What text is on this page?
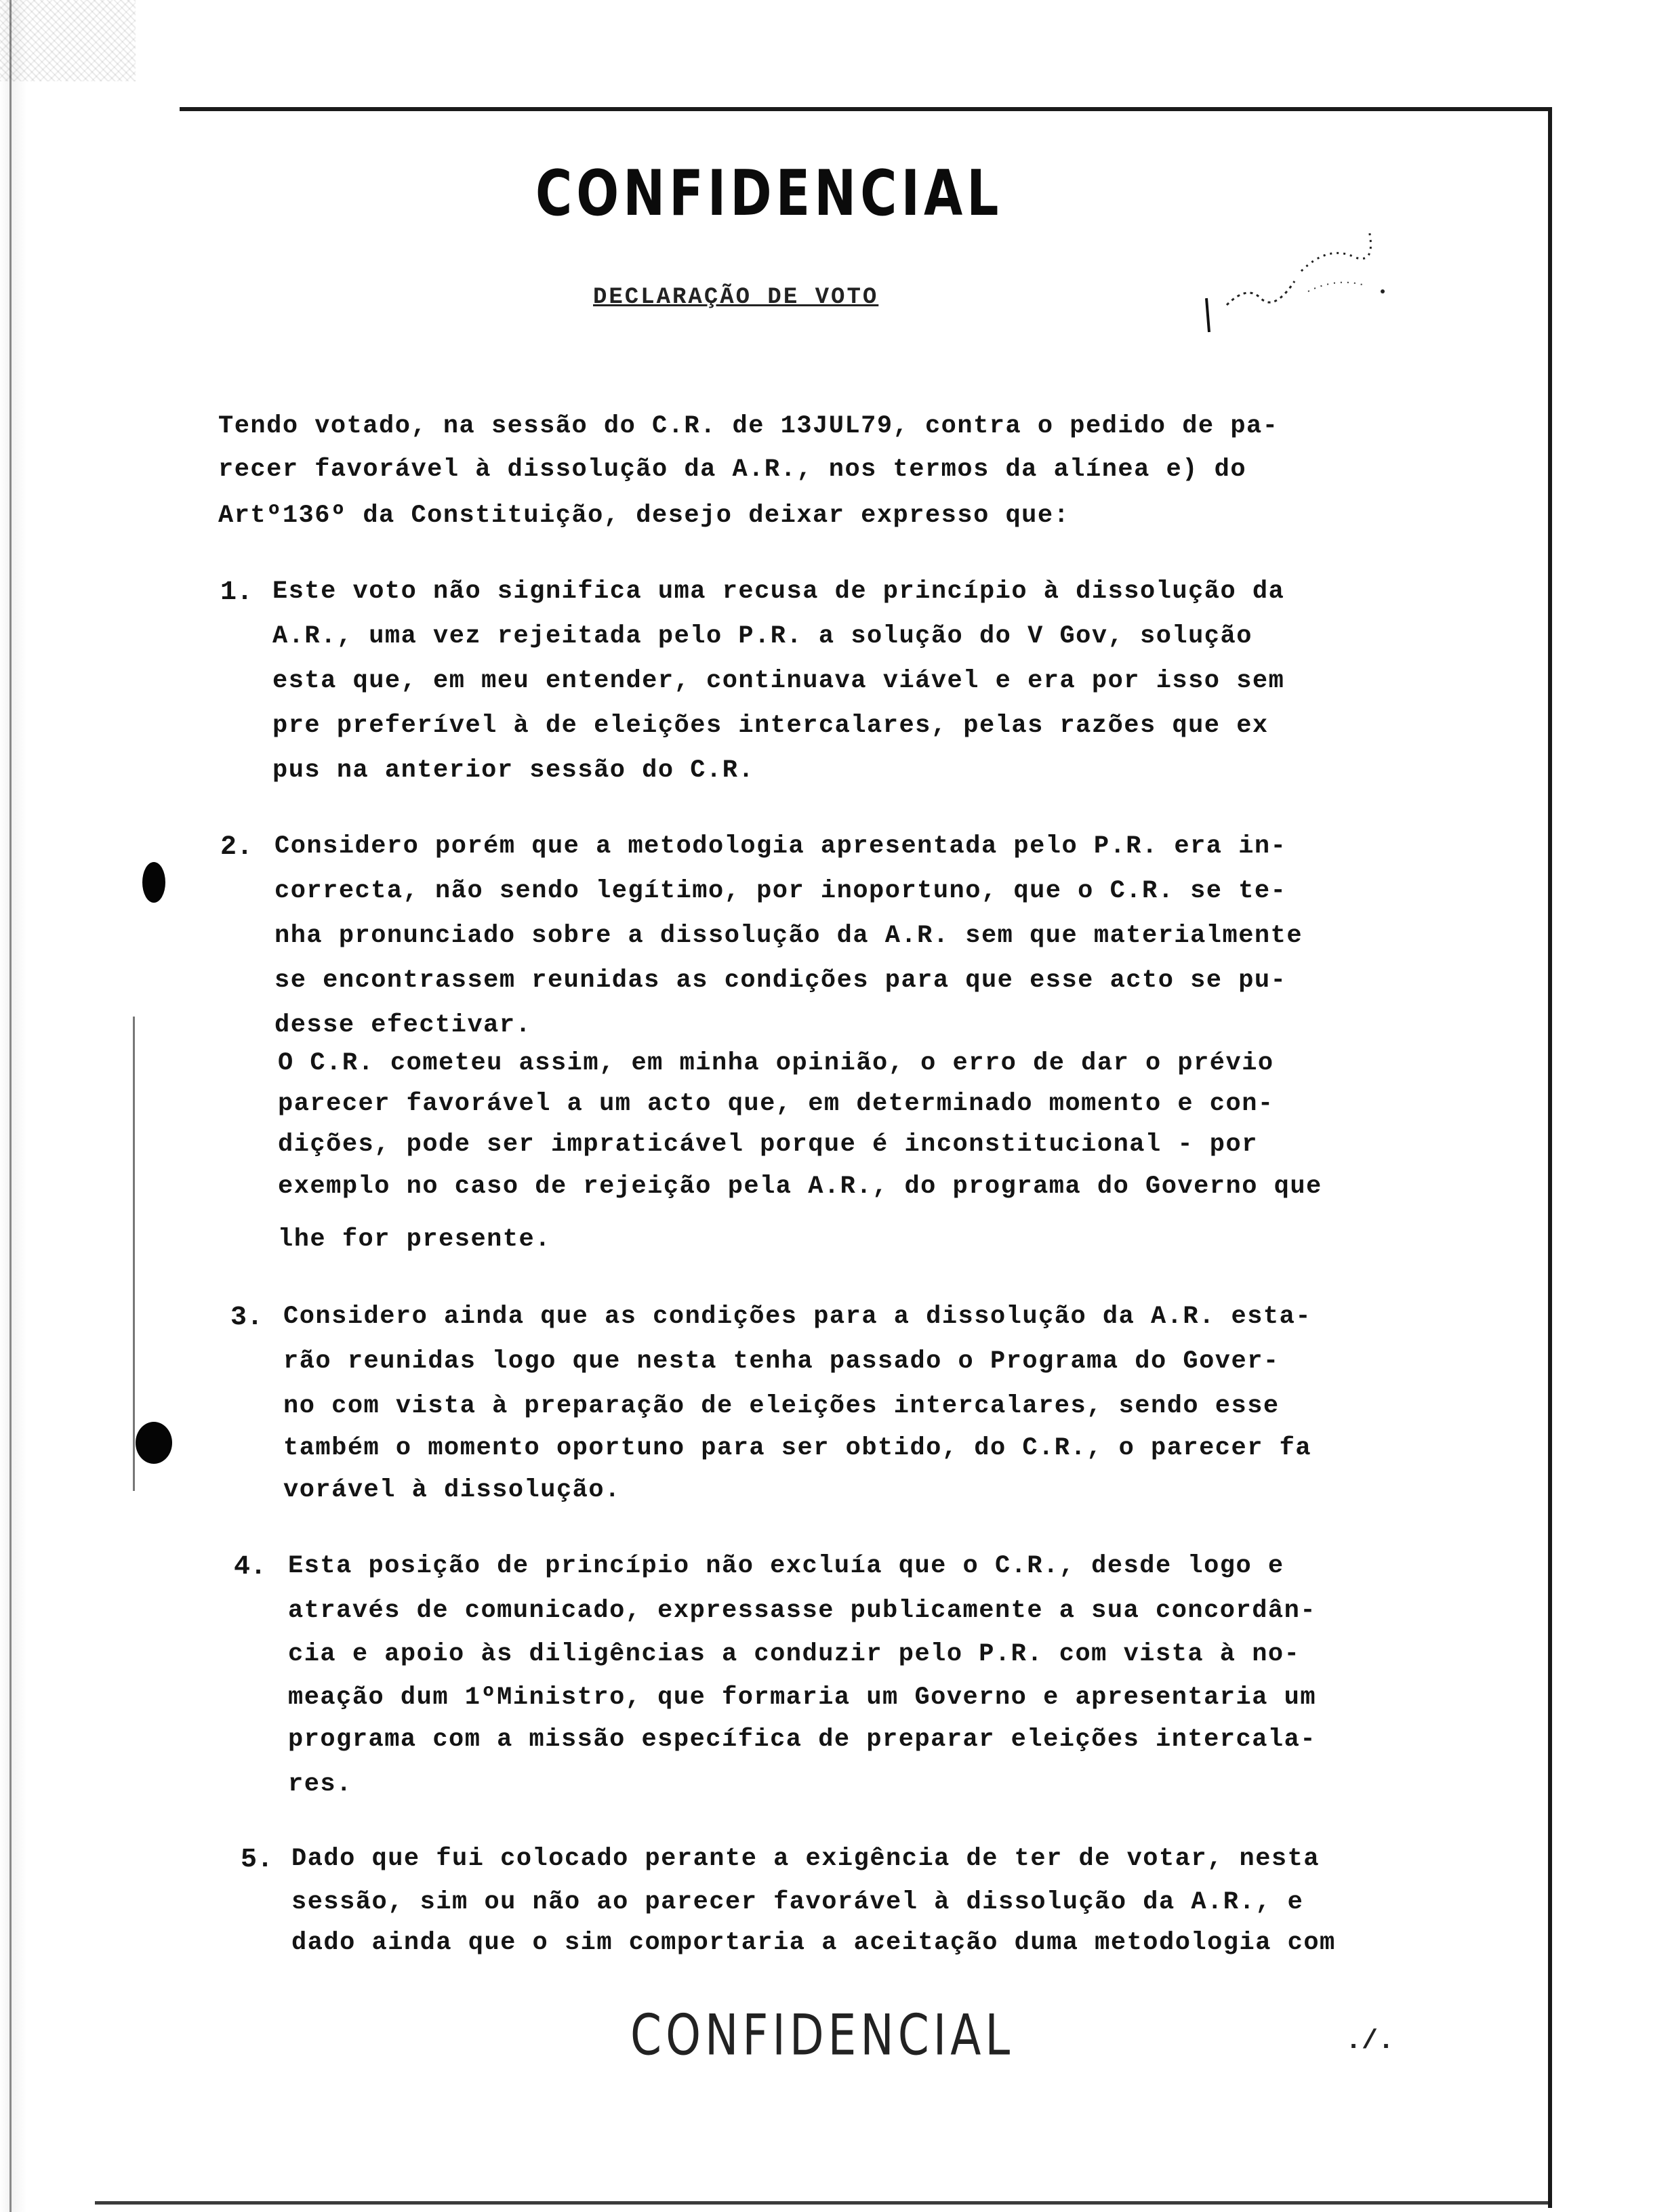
CONFIDENCIAL
DECLARAÇÃO DE VOTO
Tendo votado, na sessão do C.R. de 13JUL79, contra o pedido de pa-
recer favorável à dissolução da A.R., nos termos da alínea e) do
Artº136º da Constituição, desejo deixar expresso que:
1. Este voto não significa uma recusa de princípio à dissolução da
A.R., uma vez rejeitada pelo P.R. a solução do V Gov, solução
esta que, em meu entender, continuava viável e era por isso sem
pre preferível à de eleições intercalares, pelas razões que ex
pus na anterior sessão do C.R.
2. Considero porém que a metodologia apresentada pelo P.R. era in-
correcta, não sendo legítimo, por inoportuno, que o C.R. se te-
nha pronunciado sobre a dissolução da A.R. sem que materialmente
se encontrassem reunidas as condições para que esse acto se pu-
desse efectivar.
O C.R. cometeu assim, em minha opinião, o erro de dar o prévio
parecer favorável a um acto que, em determinado momento e con-
dições, pode ser impraticável porque é inconstitucional - por
exemplo no caso de rejeição pela A.R., do programa do Governo que
lhe for presente.
3. Considero ainda que as condições para a dissolução da A.R. esta-
rão reunidas logo que nesta tenha passado o Programa do Gover-
no com vista à preparação de eleições intercalares, sendo esse
também o momento oportuno para ser obtido, do C.R., o parecer fa
vorável à dissolução.
4. Esta posição de princípio não excluía que o C.R., desde logo e
através de comunicado, expressasse publicamente a sua concordân-
cia e apoio às diligências a conduzir pelo P.R. com vista à no-
meação dum 1ºMinistro, que formaria um Governo e apresentaria um
programa com a missão específica de preparar eleições intercala-
res.
5. Dado que fui colocado perante a exigência de ter de votar, nesta
sessão, sim ou não ao parecer favorável à dissolução da A.R., e
dado ainda que o sim comportaria a aceitação duma metodologia com
CONFIDENCIAL	./.
